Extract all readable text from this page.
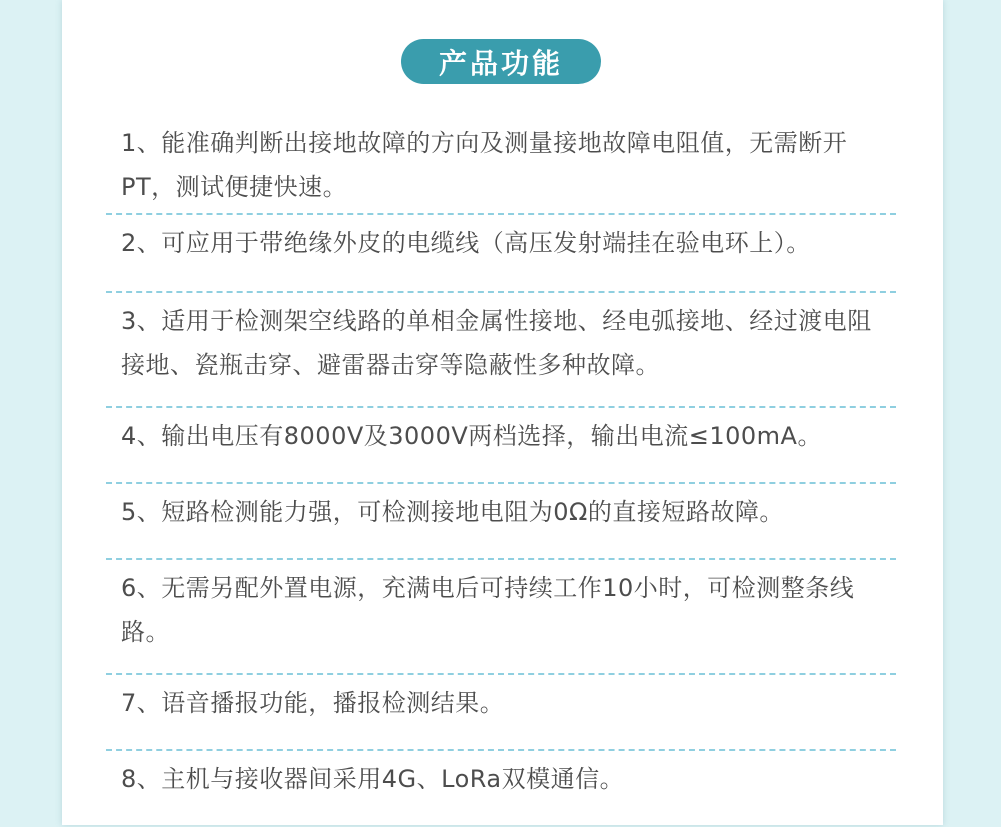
产品功能
1、能准确判断出接地故障的方向及测量接地故障电阻值，无需断开PT，测试便捷快速。
2、可应用于带绝缘外皮的电缆线（高压发射端挂在验电环上）。
3、适用于检测架空线路的单相金属性接地、经电弧接地、经过渡电阻接地、瓷瓶击穿、避雷器击穿等隐蔽性多种故障。
4、输出电压有8000V及3000V两档选择，输出电流≤100mA。
5、短路检测能力强，可检测接地电阻为0Ω的直接短路故障。
6、无需另配外置电源，充满电后可持续工作10小时，可检测整条线路。
7、语音播报功能，播报检测结果。
8、主机与接收器间采用4G、LoRa双模通信。
